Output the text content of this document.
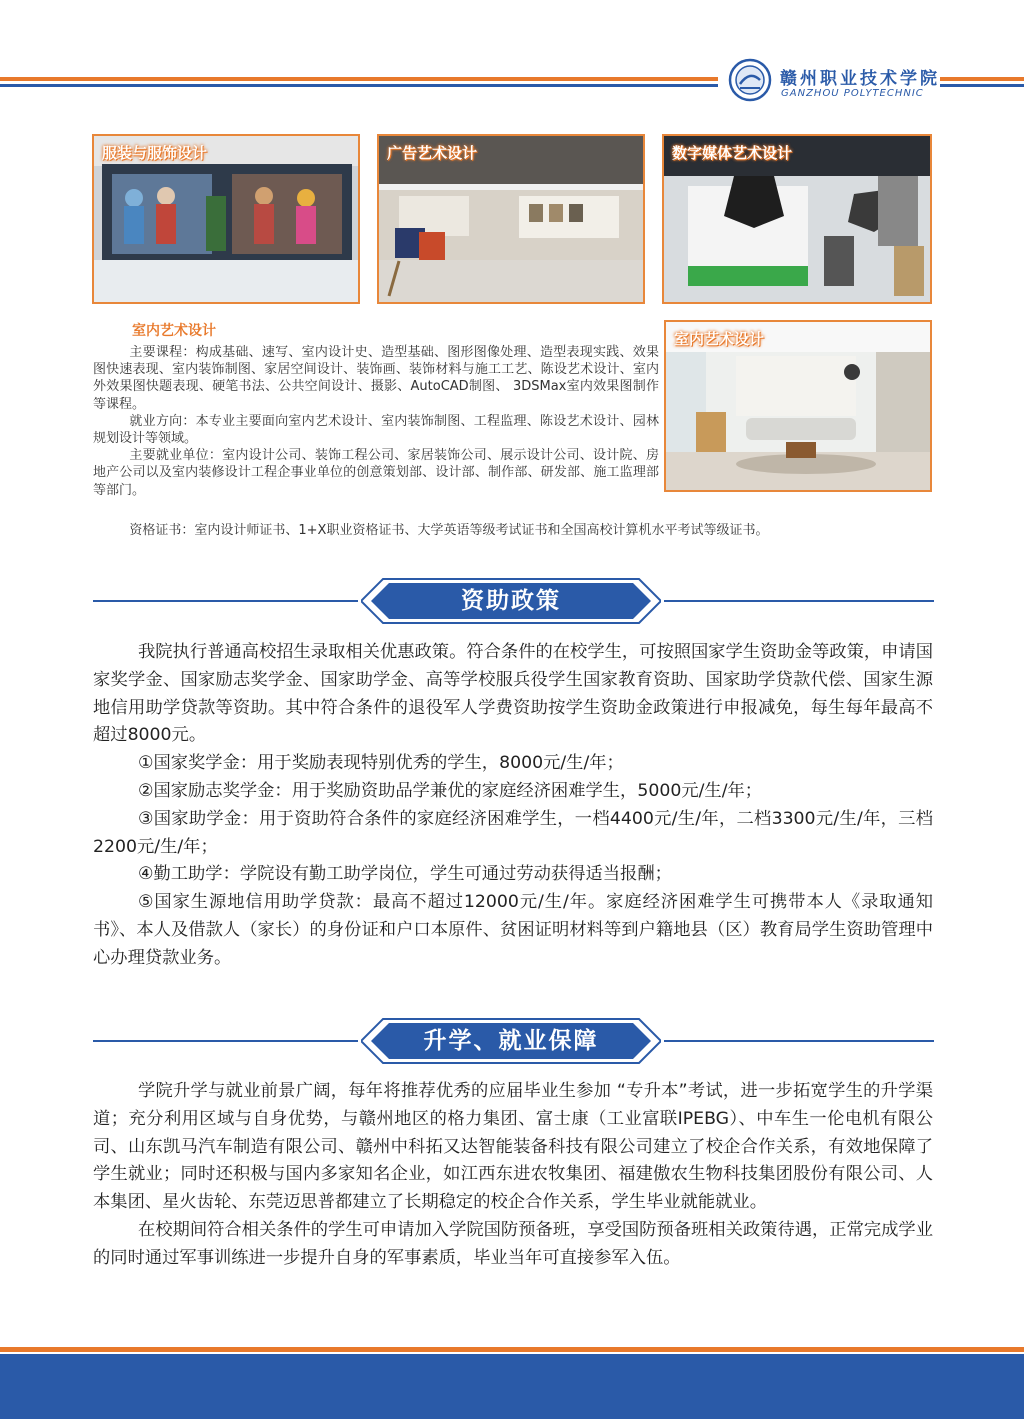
赣州职业技术学院
GANZHOU POLYTECHNIC
服装与服饰设计	广告艺术设计	数字媒体艺术设计
室内艺术设计

主要课程：构成基础、速写、室内设计史、造型基础、图形图像处理、造型表现实践、效果图快速表现、室内装饰制图、家居空间设计、装饰画、装饰材料与施工工艺、陈设艺术设计、室内外效果图快题表现、硬笔书法、公共空间设计、摄影、AutoCAD制图、 3DSMax室内效果图制作等课程。

就业方向：本专业主要面向室内艺术设计、室内装饰制图、工程监理、陈设艺术设计、园林规划设计等领域。

主要就业单位：室内设计公司、装饰工程公司、家居装饰公司、展示设计公司、设计院、房地产公司以及室内装修设计工程企事业单位的创意策划部、设计部、制作部、研发部、施工监理部等部门。

资格证书：室内设计师证书、1+X职业资格证书、大学英语等级考试证书和全国高校计算机水平考试等级证书。
室内艺术设计
资助政策

我院执行普通高校招生录取相关优惠政策。符合条件的在校学生，可按照国家学生资助金等政策，申请国家奖学金、国家励志奖学金、国家助学金、高等学校服兵役学生国家教育资助、国家助学贷款代偿、国家生源地信用助学贷款等资助。其中符合条件的退役军人学费资助按学生资助金政策进行申报减免，每生每年最高不超过8000元。

①国家奖学金：用于奖励表现特别优秀的学生，8000元/生/年；

②国家励志奖学金：用于奖励资助品学兼优的家庭经济困难学生，5000元/生/年；

③国家助学金：用于资助符合条件的家庭经济困难学生，一档4400元/生/年，二档3300元/生/年，三档2200元/生/年；

④勤工助学：学院设有勤工助学岗位，学生可通过劳动获得适当报酬；

⑤国家生源地信用助学贷款：最高不超过12000元/生/年。家庭经济困难学生可携带本人《录取通知书》、本人及借款人（家长）的身份证和户口本原件、贫困证明材料等到户籍地县（区）教育局学生资助管理中心办理贷款业务。

升学、就业保障

学院升学与就业前景广阔，每年将推荐优秀的应届毕业生参加 “专升本”考试，进一步拓宽学生的升学渠道；充分利用区域与自身优势，与赣州地区的格力集团、富士康（工业富联IPEBG）、中车生一伦电机有限公司、山东凯马汽车制造有限公司、赣州中科拓又达智能装备科技有限公司建立了校企合作关系，有效地保障了学生就业；同时还积极与国内多家知名企业，如江西东进农牧集团、福建傲农生物科技集团股份有限公司、人本集团、星火齿轮、东莞迈思普都建立了长期稳定的校企合作关系，学生毕业就能就业。

在校期间符合相关条件的学生可申请加入学院国防预备班，享受国防预备班相关政策待遇，正常完成学业的同时通过军事训练进一步提升自身的军事素质，毕业当年可直接参军入伍。
